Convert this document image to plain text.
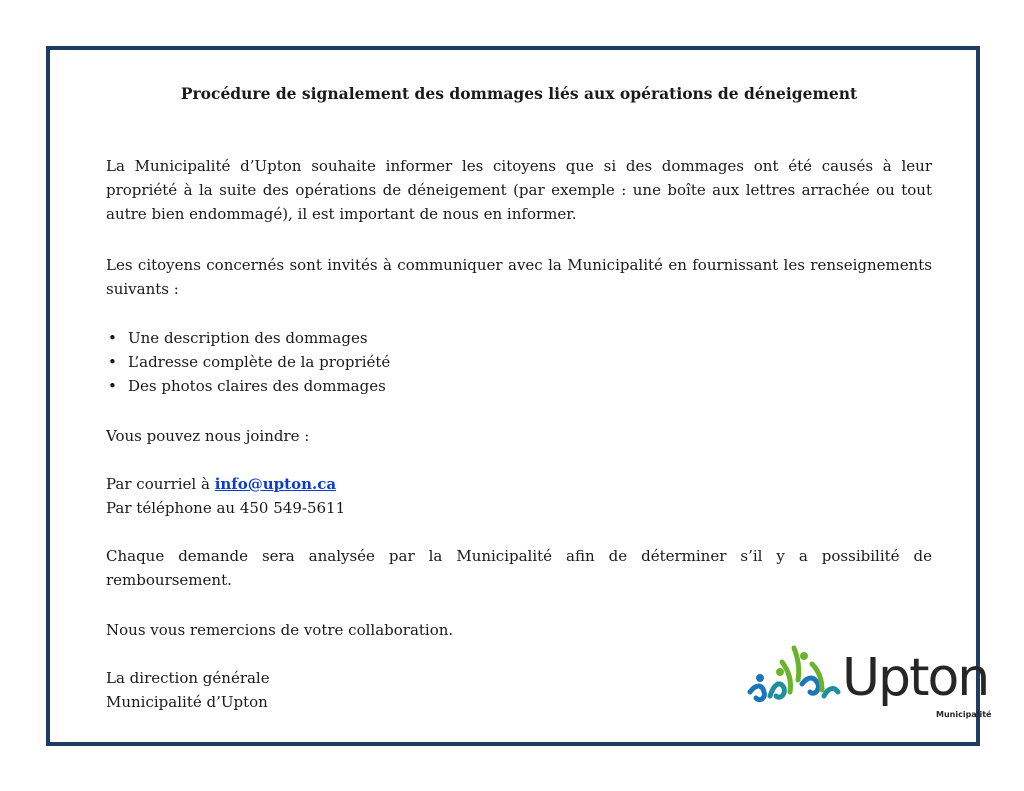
Procédure de signalement des dommages liés aux opérations de déneigement

La Municipalité d’Upton souhaite informer les citoyens que si des dommages ont été causés à leur propriété à la suite des opérations de déneigement (par exemple : une boîte aux lettres arrachée ou tout autre bien endommagé), il est important de nous en informer.

Les citoyens concernés sont invités à communiquer avec la Municipalité en fournissant les renseignements suivants :

• Une description des dommages
• L’adresse complète de la propriété
• Des photos claires des dommages

Vous pouvez nous joindre :

Par courriel à info@upton.ca
Par téléphone au 450 549-5611

Chaque demande sera analysée par la Municipalité afin de déterminer s’il y a possibilité de remboursement.

Nous vous remercions de votre collaboration.

La direction générale
Municipalité d’Upton	Upton
Municipalité
